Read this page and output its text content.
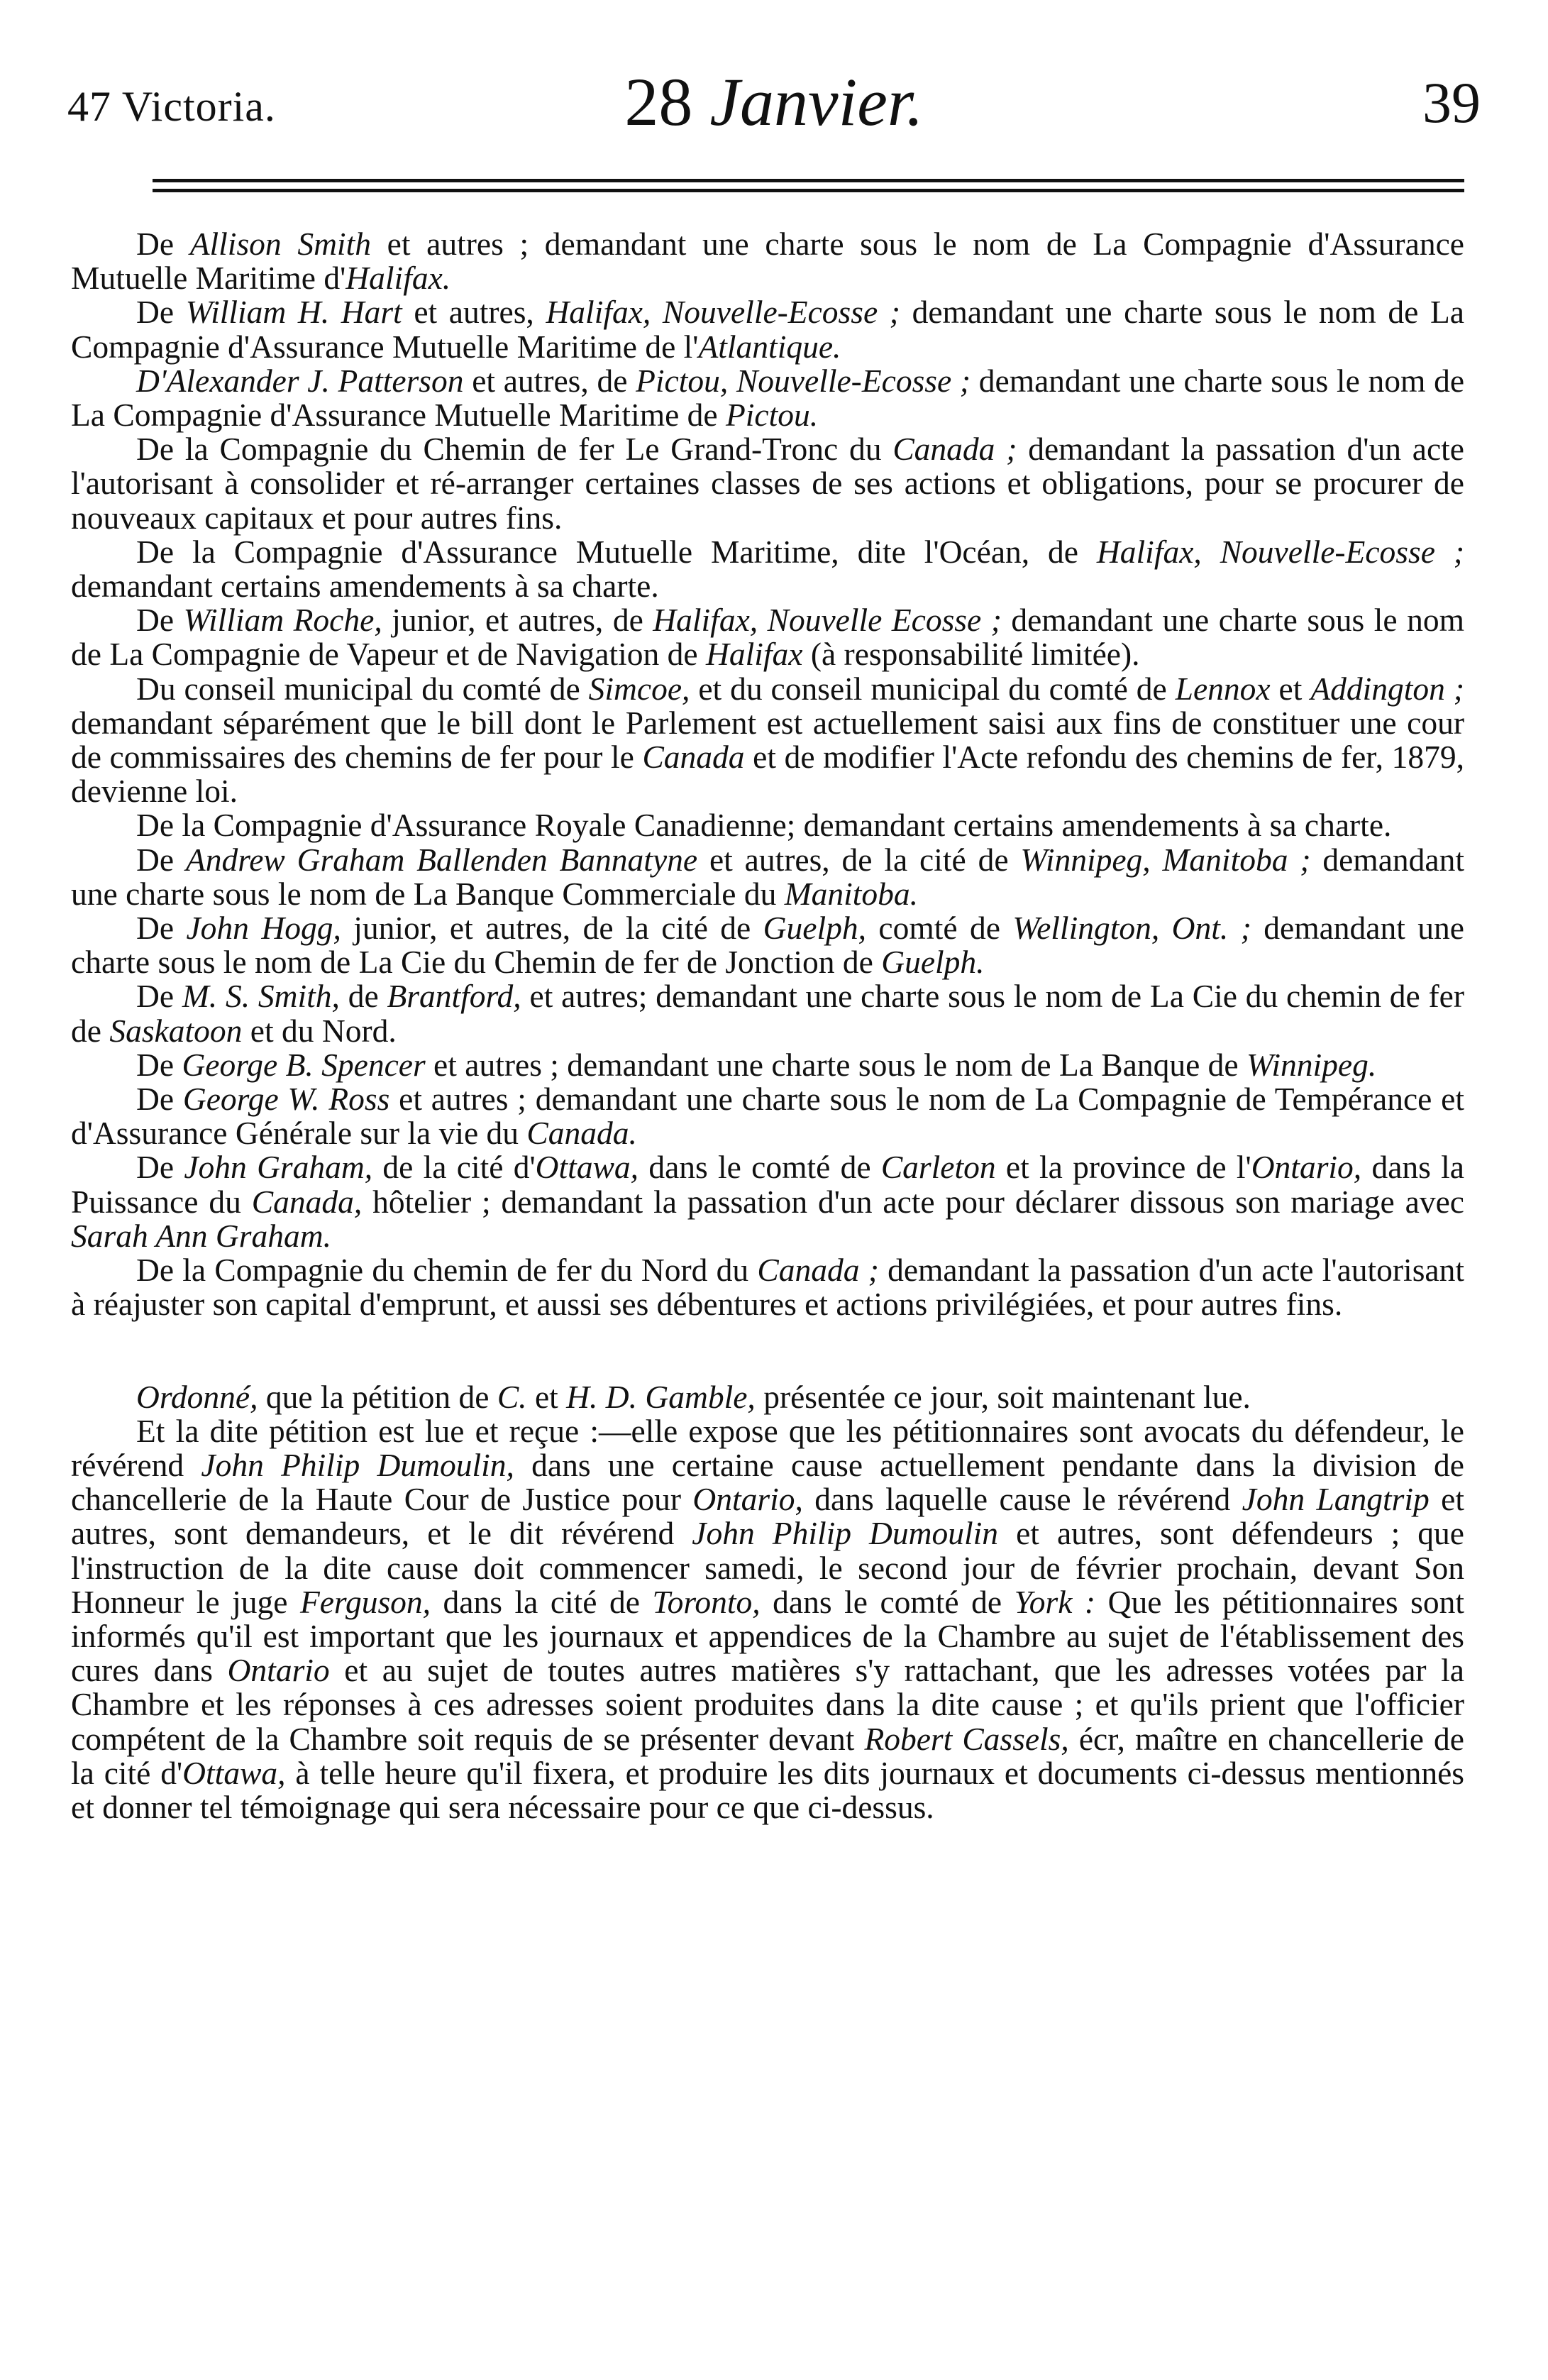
47 Victoria.	28 Janvier.	39

De Allison Smith et autres ; demandant une charte sous le nom de La Compagnie d'Assurance Mutuelle Maritime d'Halifax.

De William H. Hart et autres, Halifax, Nouvelle-Ecosse ; demandant une charte sous le nom de La Compagnie d'Assurance Mutuelle Maritime de l'Atlantique.

D'Alexander J. Patterson et autres, de Pictou, Nouvelle-Ecosse ; demandant une charte sous le nom de La Compagnie d'Assurance Mutuelle Maritime de Pictou.

De la Compagnie du Chemin de fer Le Grand-Tronc du Canada ; demandant la passation d'un acte l'autorisant à consolider et ré-arranger certaines classes de ses actions et obligations, pour se procurer de nouveaux capitaux et pour autres fins.

De la Compagnie d'Assurance Mutuelle Maritime, dite l'Océan, de Halifax, Nouvelle-Ecosse ; demandant certains amendements à sa charte.

De William Roche, junior, et autres, de Halifax, Nouvelle Ecosse ; demandant une charte sous le nom de La Compagnie de Vapeur et de Navigation de Halifax (à responsabilité limitée).

Du conseil municipal du comté de Simcoe, et du conseil municipal du comté de Lennox et Addington ; demandant séparément que le bill dont le Parlement est actuellement saisi aux fins de constituer une cour de commissaires des chemins de fer pour le Canada et de modifier l'Acte refondu des chemins de fer, 1879, devienne loi.

De la Compagnie d'Assurance Royale Canadienne; demandant certains amendements à sa charte.

De Andrew Graham Ballenden Bannatyne et autres, de la cité de Winnipeg, Manitoba ; demandant une charte sous le nom de La Banque Commerciale du Manitoba.

De John Hogg, junior, et autres, de la cité de Guelph, comté de Wellington, Ont. ; demandant une charte sous le nom de La Cie du Chemin de fer de Jonction de Guelph.

De M. S. Smith, de Brantford, et autres; demandant une charte sous le nom de La Cie du chemin de fer de Saskatoon et du Nord.

De George B. Spencer et autres ; demandant une charte sous le nom de La Banque de Winnipeg.

De George W. Ross et autres ; demandant une charte sous le nom de La Compagnie de Tempérance et d'Assurance Générale sur la vie du Canada.

De John Graham, de la cité d'Ottawa, dans le comté de Carleton et la province de l'Ontario, dans la Puissance du Canada, hôtelier ; demandant la passation d'un acte pour déclarer dissous son mariage avec Sarah Ann Graham.

De la Compagnie du chemin de fer du Nord du Canada ; demandant la passation d'un acte l'autorisant à réajuster son capital d'emprunt, et aussi ses débentures et actions privilégiées, et pour autres fins.

Ordonné, que la pétition de C. et H. D. Gamble, présentée ce jour, soit maintenant lue.

Et la dite pétition est lue et reçue :—elle expose que les pétitionnaires sont avocats du défendeur, le révérend John Philip Dumoulin, dans une certaine cause actuellement pendante dans la division de chancellerie de la Haute Cour de Justice pour Ontario, dans laquelle cause le révérend John Langtrip et autres, sont demandeurs, et le dit révérend John Philip Dumoulin et autres, sont défendeurs ; que l'instruction de la dite cause doit commencer samedi, le second jour de février prochain, devant Son Honneur le juge Ferguson, dans la cité de Toronto, dans le comté de York : Que les pétitionnaires sont informés qu'il est important que les journaux et appendices de la Chambre au sujet de l'établissement des cures dans Ontario et au sujet de toutes autres matières s'y rattachant, que les adresses votées par la Chambre et les réponses à ces adresses soient produites dans la dite cause ; et qu'ils prient que l'officier compétent de la Chambre soit requis de se présenter devant Robert Cassels, écr, maître en chancellerie de la cité d'Ottawa, à telle heure qu'il fixera, et produire les dits journaux et documents ci-dessus mentionnés et donner tel témoignage qui sera nécessaire pour ce que ci-dessus.
